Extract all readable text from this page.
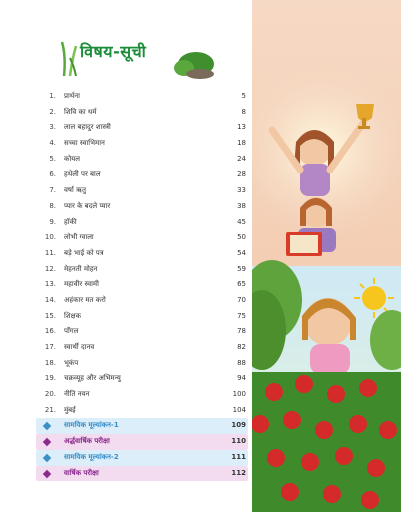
विषय-सूची
1. प्रार्थना	5
2. शिवि का धर्म	8
3. लाल बहादुर शास्त्री	13
4. सच्चा स्वाभिमान	18
5. कोयल	24
6. हथेली पर बाल	28
7. वर्षा ऋतु	33
8. प्यार के बदले प्यार	38
9. हॉकी	45
10. लोभी ग्वाला	50
11. बड़े भाई को पत्र	54
12. मेहनती मोहन	59
13. महावीर स्वामी	65
14. अहंकार मत करो	70
15. शिक्षक	75
16. पाँगल	78
17. स्वार्थी दानव	82
18. भूकंप	88
19. चक्रव्यूह और अभिमन्यु	94
20. नीति नयन	100
21. मुंबई	104
सामयिक मूल्यांकन-1	109
अर्द्धवार्षिक परीक्षा	110
सामयिक मूल्यांकन-2	111
वार्षिक परीक्षा	112
